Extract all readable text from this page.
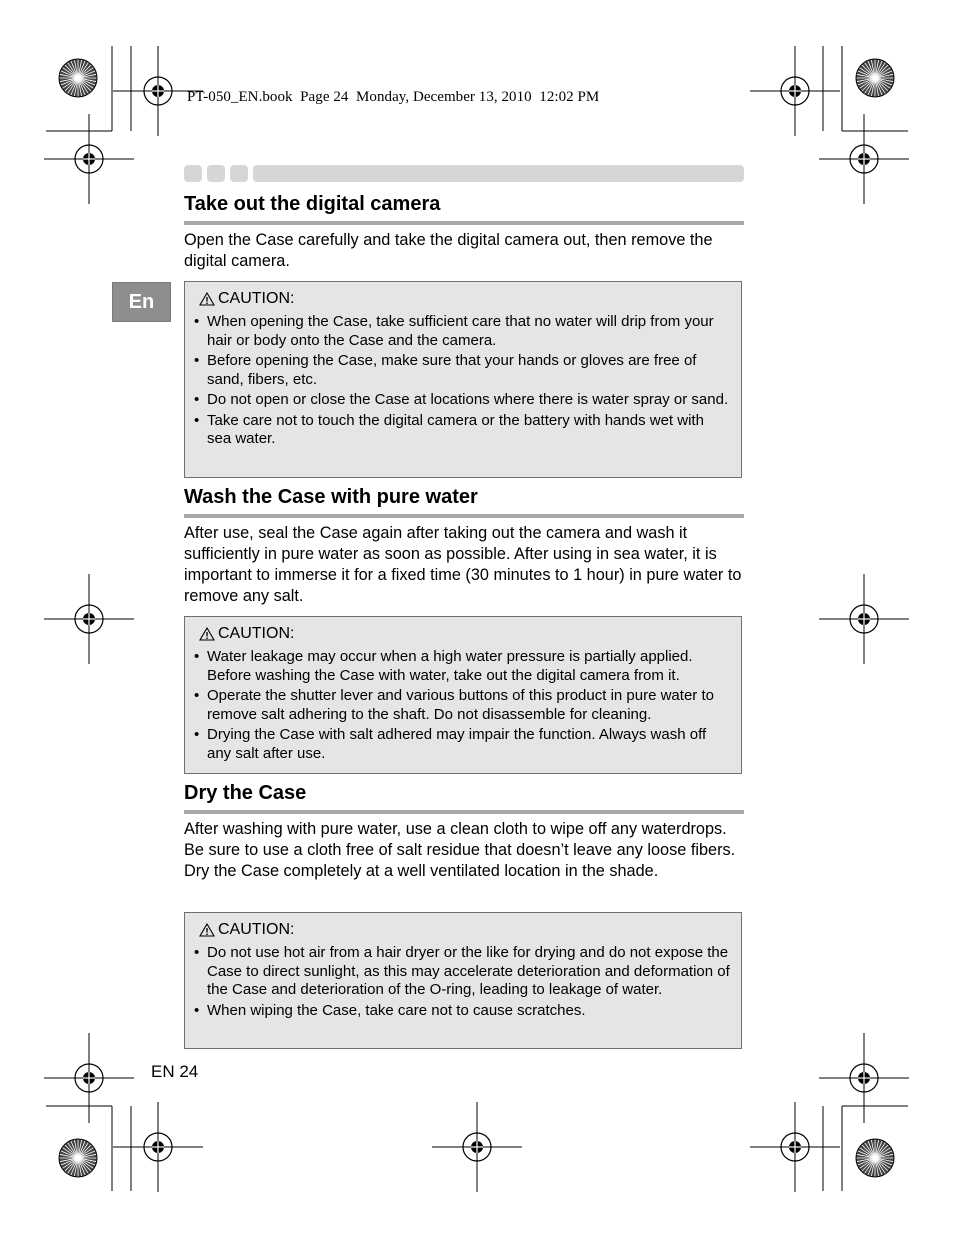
PT-050_EN.book  Page 24  Monday, December 13, 2010  12:02 PM
En
Take out the digital camera
Open the Case carefully and take the digital camera out, then remove the digital camera.
CAUTION:
• When opening the Case, take sufficient care that no water will drip from your hair or body onto the Case and the camera.
• Before opening the Case, make sure that your hands or gloves are free of sand, fibers, etc.
• Do not open or close the Case at locations where there is water spray or sand.
• Take care not to touch the digital camera or the battery with hands wet with sea water.
Wash the Case with pure water
After use, seal the Case again after taking out the camera and wash it sufficiently in pure water as soon as possible. After using in sea water, it is important to immerse it for a fixed time (30 minutes to 1 hour) in pure water to remove any salt.
CAUTION:
• Water leakage may occur when a high water pressure is partially applied. Before washing the Case with water, take out the digital camera from it.
• Operate the shutter lever and various buttons of this product in pure water to remove salt adhering to the shaft. Do not disassemble for cleaning.
• Drying the Case with salt adhered may impair the function. Always wash off any salt after use.
Dry the Case
After washing with pure water, use a clean cloth to wipe off any waterdrops. Be sure to use a cloth free of salt residue that doesn’t leave any loose fibers. Dry the Case completely at a well ventilated location in the shade.
CAUTION:
• Do not use hot air from a hair dryer or the like for drying and do not expose the Case to direct sunlight, as this may accelerate deterioration and deformation of the Case and deterioration of the O-ring, leading to leakage of water.
• When wiping the Case, take care not to cause scratches.
EN 24
